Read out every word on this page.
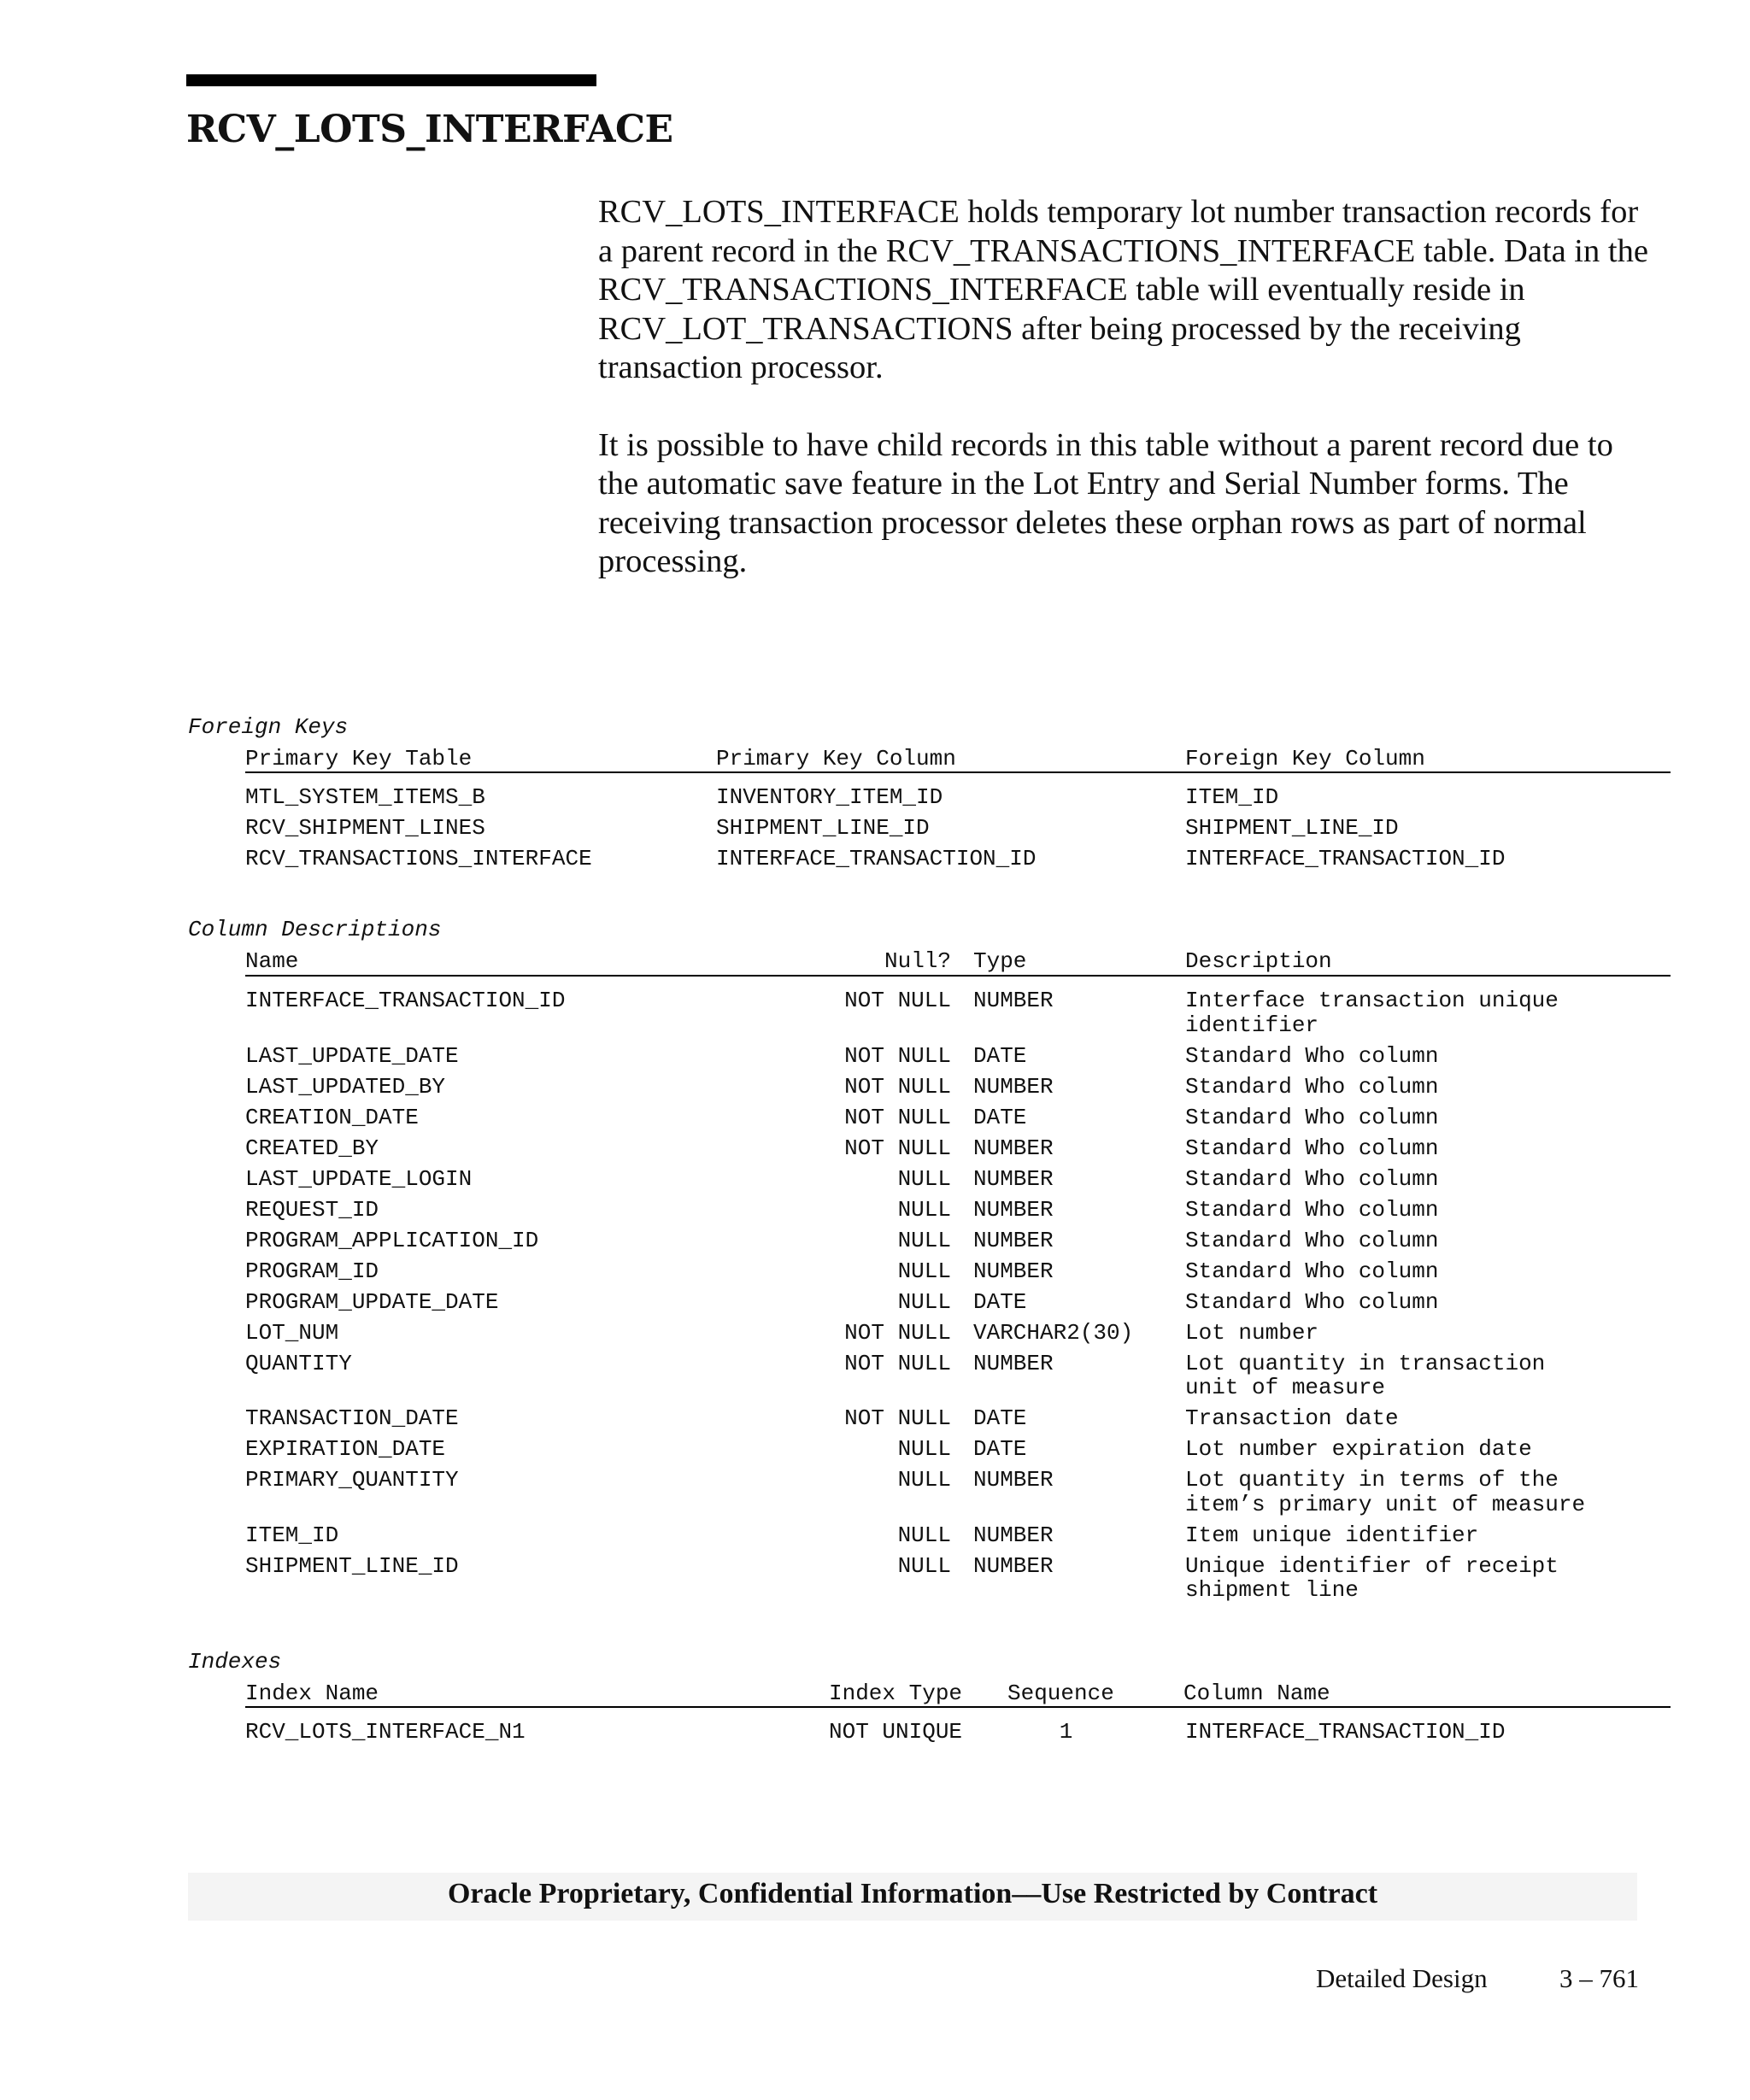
RCV_LOTS_INTERFACE

RCV_LOTS_INTERFACE holds temporary lot number transaction records for a parent record in the RCV_TRANSACTIONS_INTERFACE table. Data in the RCV_TRANSACTIONS_INTERFACE table will eventually reside in RCV_LOT_TRANSACTIONS after being processed by the receiving transaction processor.

It is possible to have child records in this table without a parent record due to the automatic save feature in the Lot Entry and Serial Number forms. The receiving transaction processor deletes these orphan rows as part of normal processing.

Foreign Keys
Primary Key Table	Primary Key Column	Foreign Key Column
MTL_SYSTEM_ITEMS_B	INVENTORY_ITEM_ID	ITEM_ID
RCV_SHIPMENT_LINES	SHIPMENT_LINE_ID	SHIPMENT_LINE_ID
RCV_TRANSACTIONS_INTERFACE	INTERFACE_TRANSACTION_ID	INTERFACE_TRANSACTION_ID
Column Descriptions
Name	Null? Type	Description
INTERFACE_TRANSACTION_ID	NOT NULL NUMBER	Interface transaction unique
identifier
LAST_UPDATE_DATE	NOT NULL DATE	Standard Who column
LAST_UPDATED_BY	NOT NULL NUMBER	Standard Who column
CREATION_DATE	NOT NULL DATE	Standard Who column
CREATED_BY	NOT NULL NUMBER	Standard Who column
LAST_UPDATE_LOGIN	NULL NUMBER	Standard Who column
REQUEST_ID	NULL NUMBER	Standard Who column
PROGRAM_APPLICATION_ID	NULL NUMBER	Standard Who column
PROGRAM_ID	NULL NUMBER	Standard Who column
PROGRAM_UPDATE_DATE	NULL DATE	Standard Who column
LOT_NUM	NOT NULL VARCHAR2(30) Lot number
QUANTITY	NOT NULL NUMBER	Lot quantity in transaction
unit of measure
TRANSACTION_DATE	NOT NULL DATE	Transaction date
EXPIRATION_DATE	NULL DATE	Lot number expiration date
PRIMARY_QUANTITY	NULL NUMBER	Lot quantity in terms of the
item’s primary unit of measure
ITEM_ID	NULL NUMBER	Item unique identifier
SHIPMENT_LINE_ID	NULL NUMBER	Unique identifier of receipt
shipment line
Indexes
Index Name	Index Type Sequence	Column Name
RCV_LOTS_INTERFACE_N1	NOT UNIQUE	1	INTERFACE_TRANSACTION_ID
Oracle Proprietary, Confidential Information––Use Restricted by Contract
Detailed Design	3 – 761
